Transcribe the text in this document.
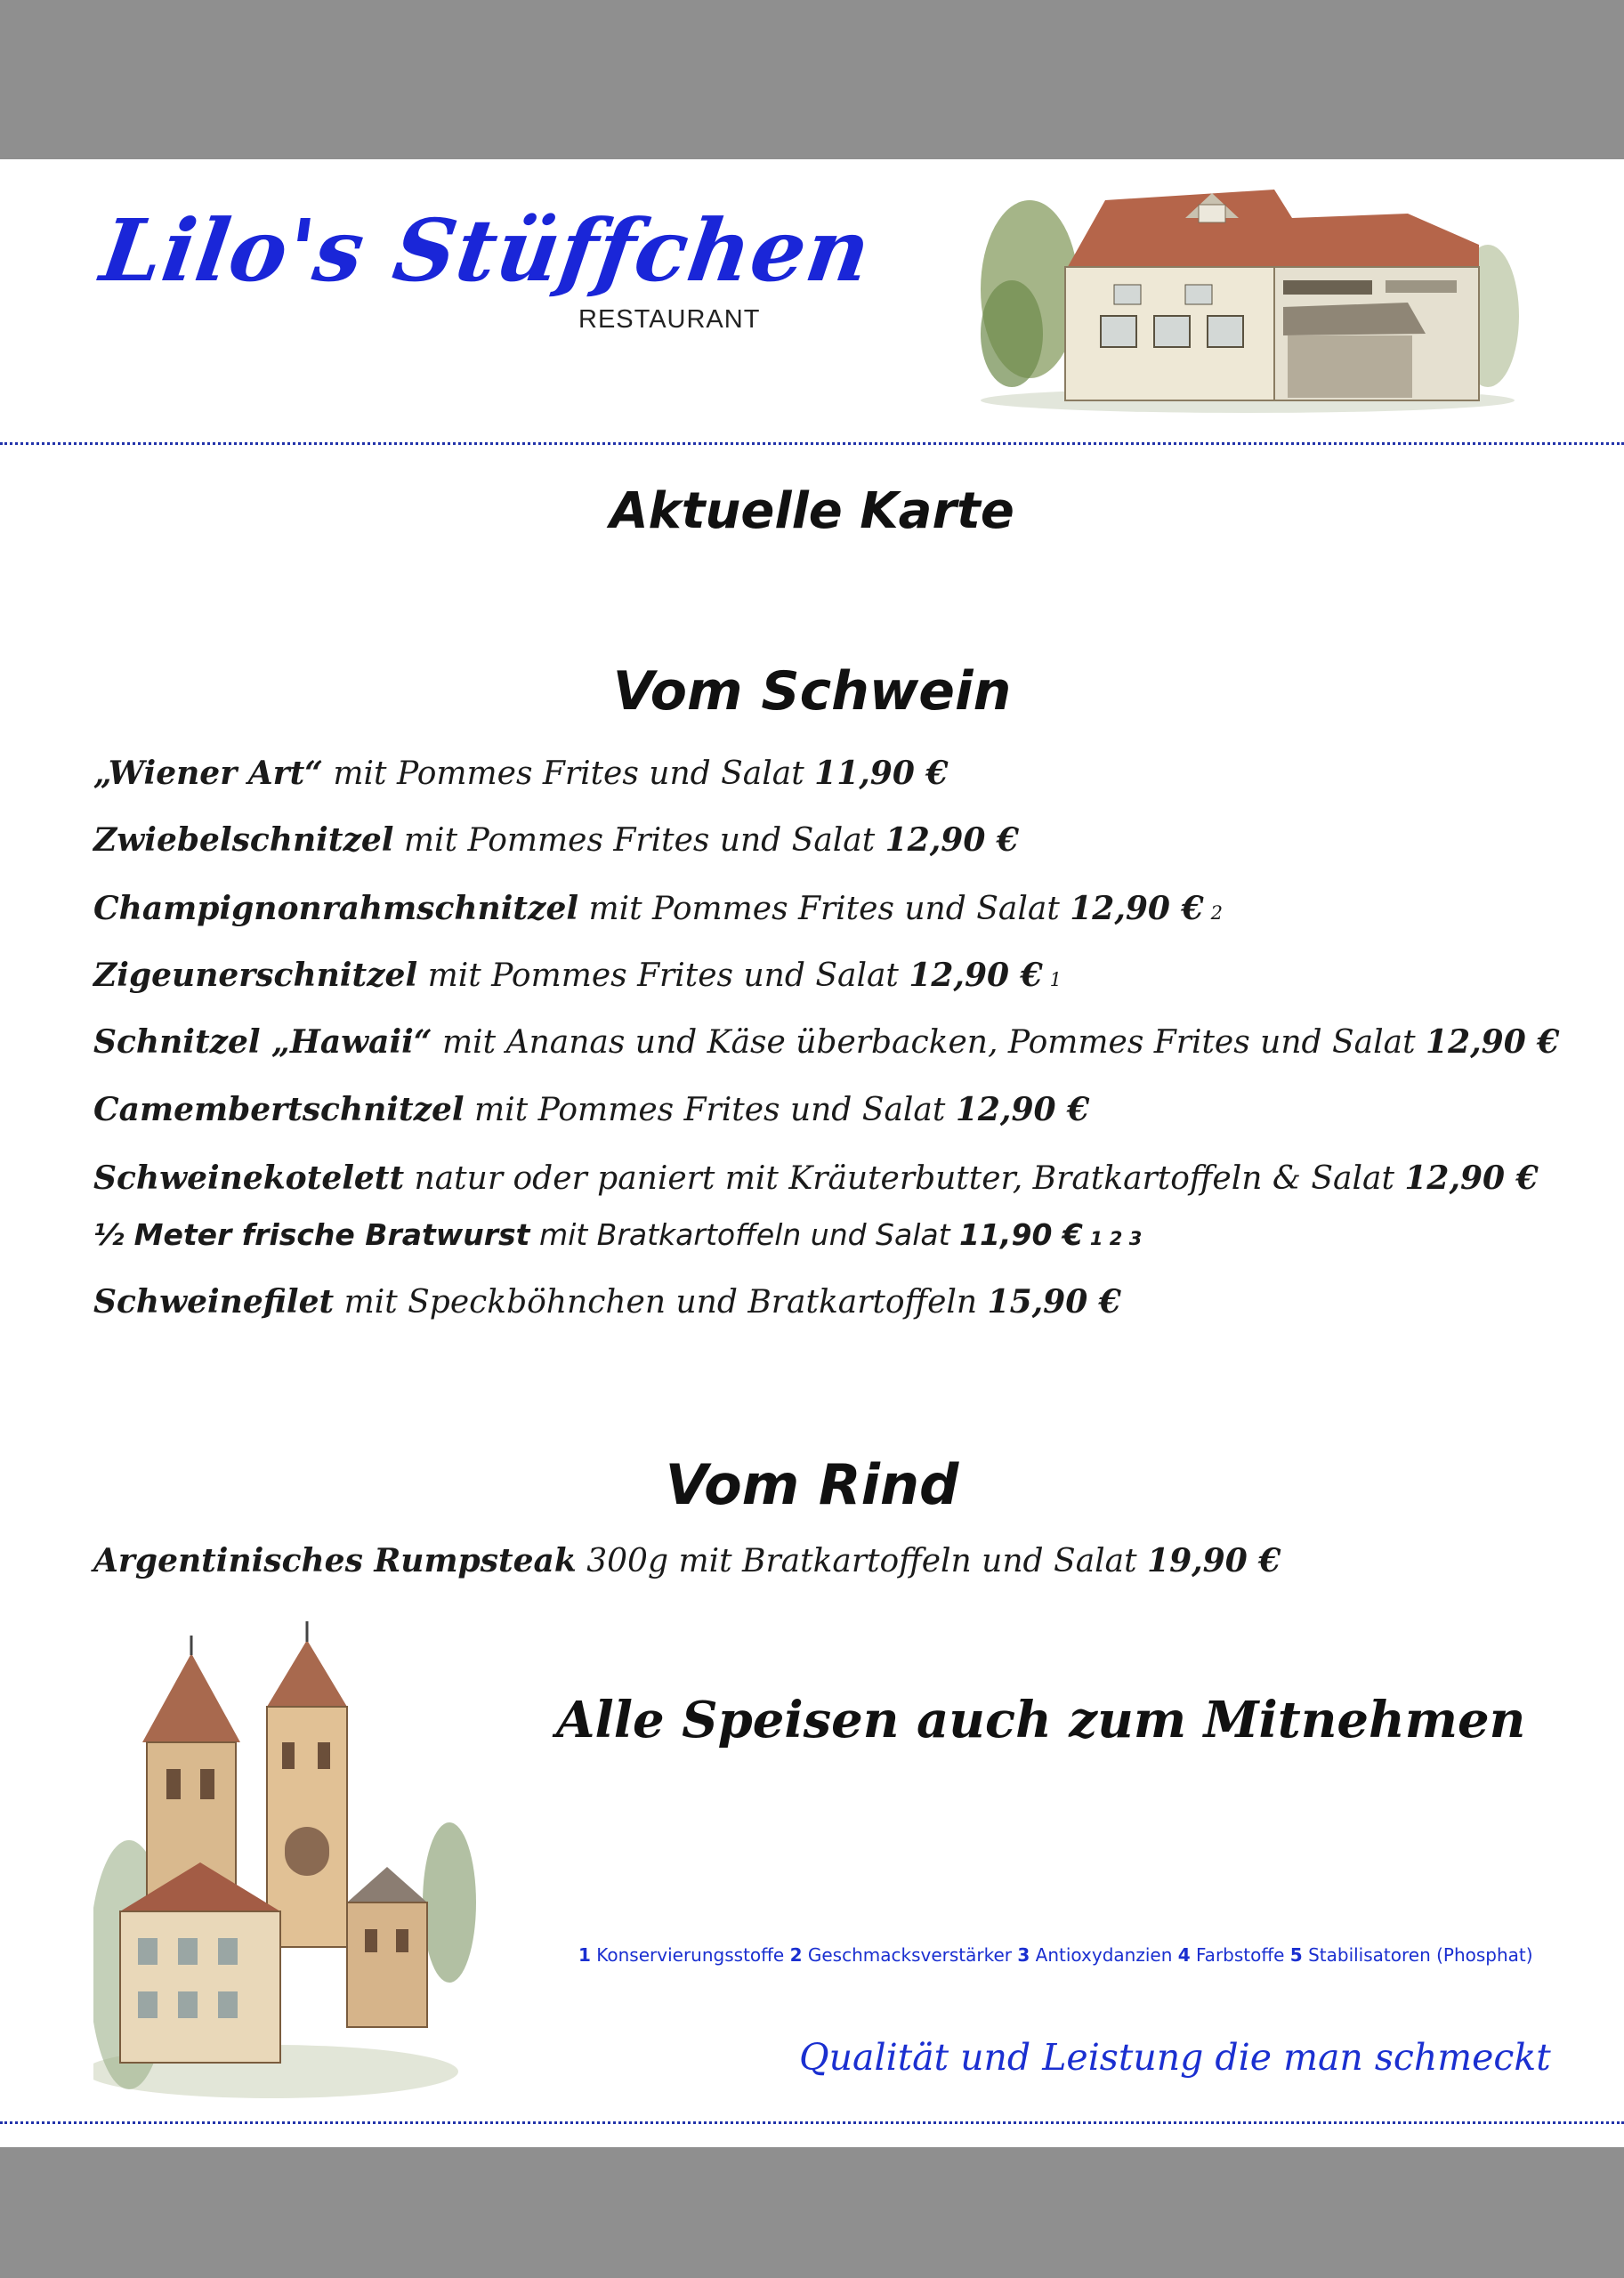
Lilo's Stüffchen
RESTAURANT
Aktuelle Karte
Vom Schwein
„Wiener Art“ mit Pommes Frites und Salat 11,90 €
Zwiebelschnitzel mit Pommes Frites und Salat 12,90 €
Champignonrahmschnitzel mit Pommes Frites und Salat 12,90 € 2
Zigeunerschnitzel mit Pommes Frites und Salat 12,90 € 1
Schnitzel „Hawaii“ mit Ananas und Käse überbacken, Pommes Frites und Salat 12,90 €
Camembertschnitzel mit Pommes Frites und Salat 12,90 €
Schweinekotelett natur oder paniert mit Kräuterbutter, Bratkartoffeln & Salat 12,90 €
½ Meter frische Bratwurst mit Bratkartoffeln und Salat 11,90 € 1 2 3
Schweinefilet mit Speckböhnchen und Bratkartoffeln 15,90 €
Vom Rind
Argentinisches Rumpsteak 300g mit Bratkartoffeln und Salat 19,90 €
Alle Speisen auch zum Mitnehmen
1 Konservierungsstoffe 2 Geschmacksverstärker 3 Antioxydanzien 4 Farbstoffe 5 Stabilisatoren (Phosphat)
Qualität und Leistung die man schmeckt
